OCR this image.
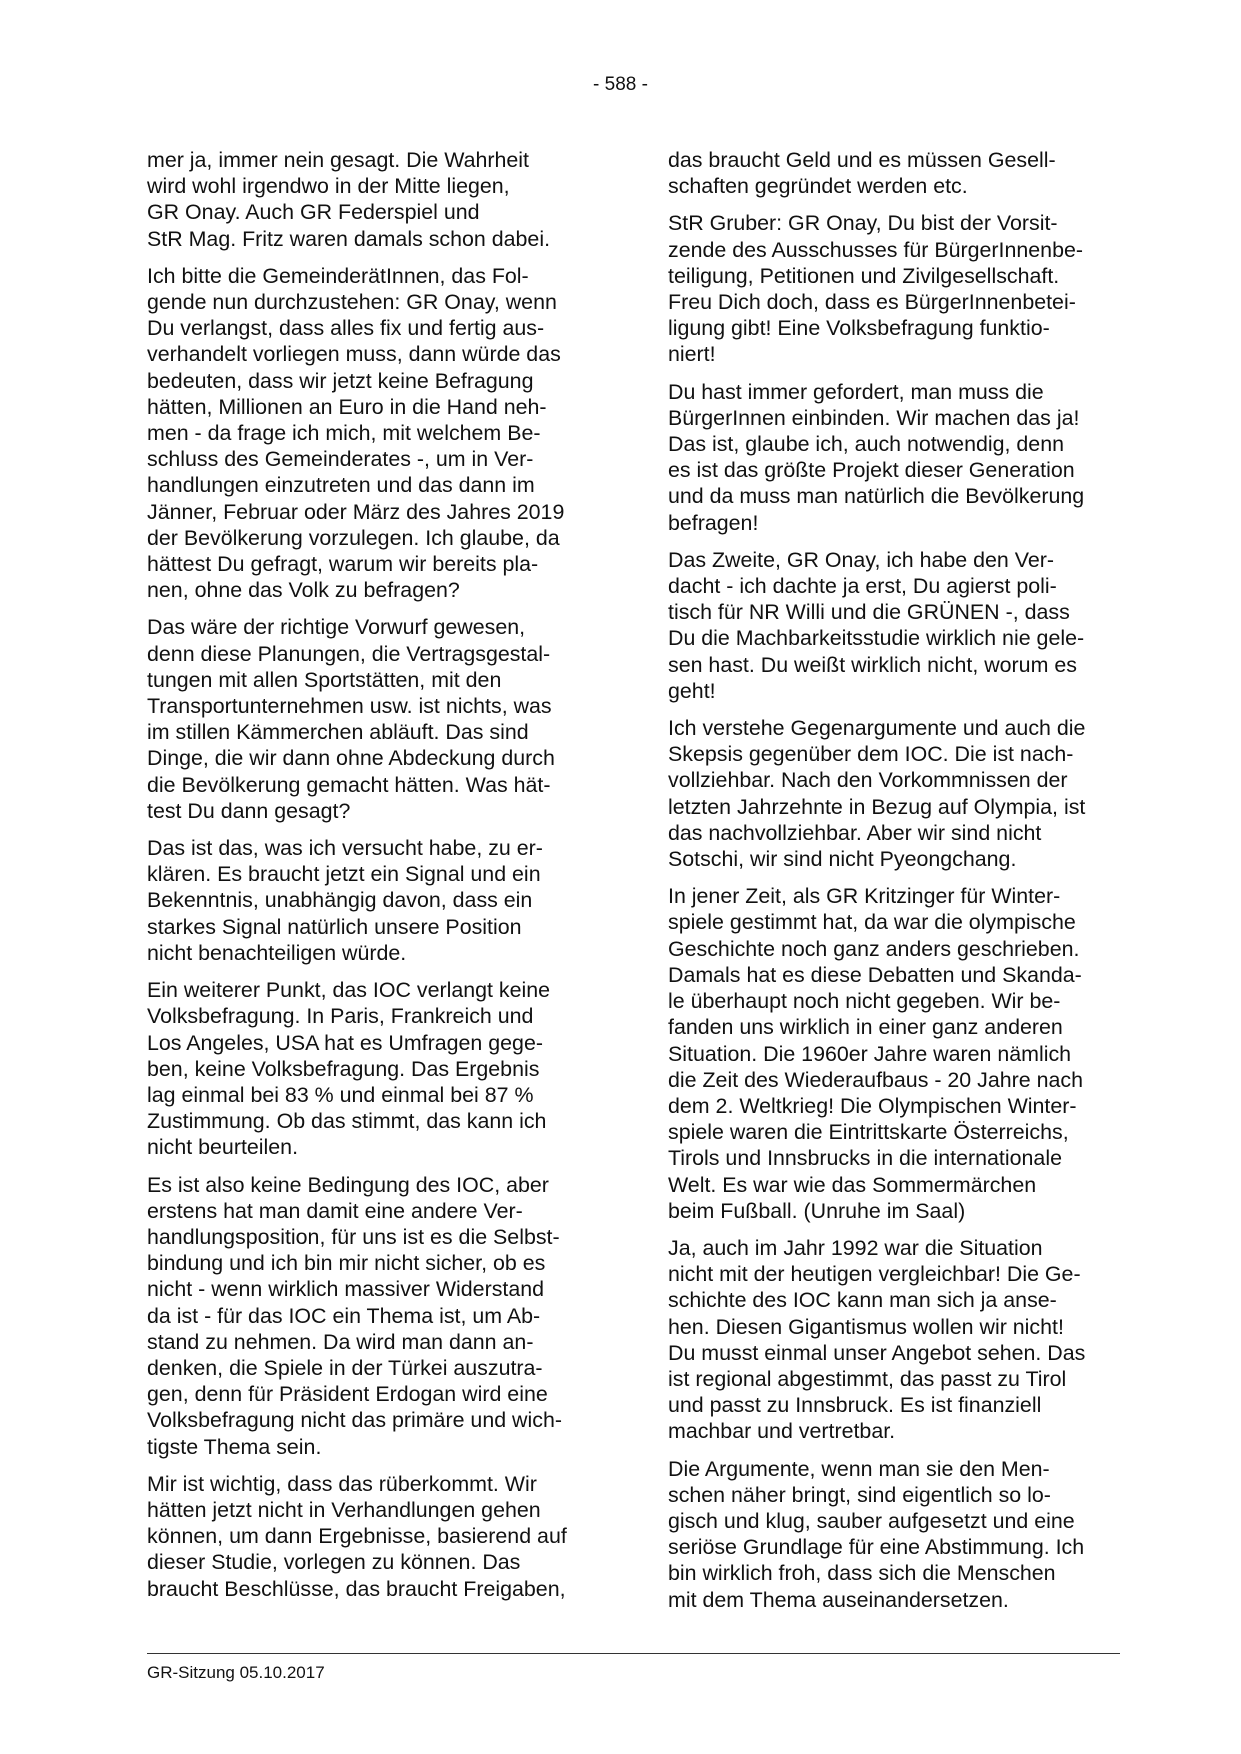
- 588 -

mer ja, immer nein gesagt. Die Wahrheit
wird wohl irgendwo in der Mitte liegen,
GR Onay. Auch GR Federspiel und
StR Mag. Fritz waren damals schon dabei.

Ich bitte die GemeinderätInnen, das Fol-
gende nun durchzustehen: GR Onay, wenn
Du verlangst, dass alles fix und fertig aus-
verhandelt vorliegen muss, dann würde das
bedeuten, dass wir jetzt keine Befragung
hätten, Millionen an Euro in die Hand neh-
men - da frage ich mich, mit welchem Be-
schluss des Gemeinderates -, um in Ver-
handlungen einzutreten und das dann im
Jänner, Februar oder März des Jahres 2019
der Bevölkerung vorzulegen. Ich glaube, da
hättest Du gefragt, warum wir bereits pla-
nen, ohne das Volk zu befragen?

Das wäre der richtige Vorwurf gewesen,
denn diese Planungen, die Vertragsgestal-
tungen mit allen Sportstätten, mit den
Transportunternehmen usw. ist nichts, was
im stillen Kämmerchen abläuft. Das sind
Dinge, die wir dann ohne Abdeckung durch
die Bevölkerung gemacht hätten. Was hät-
test Du dann gesagt?

Das ist das, was ich versucht habe, zu er-
klären. Es braucht jetzt ein Signal und ein
Bekenntnis, unabhängig davon, dass ein
starkes Signal natürlich unsere Position
nicht benachteiligen würde.

Ein weiterer Punkt, das IOC verlangt keine
Volksbefragung. In Paris, Frankreich und
Los Angeles, USA hat es Umfragen gege-
ben, keine Volksbefragung. Das Ergebnis
lag einmal bei 83 % und einmal bei 87 %
Zustimmung. Ob das stimmt, das kann ich
nicht beurteilen.

Es ist also keine Bedingung des IOC, aber
erstens hat man damit eine andere Ver-
handlungsposition, für uns ist es die Selbst-
bindung und ich bin mir nicht sicher, ob es
nicht - wenn wirklich massiver Widerstand
da ist - für das IOC ein Thema ist, um Ab-
stand zu nehmen. Da wird man dann an-
denken, die Spiele in der Türkei auszutra-
gen, denn für Präsident Erdogan wird eine
Volksbefragung nicht das primäre und wich-
tigste Thema sein.

Mir ist wichtig, dass das rüberkommt. Wir
hätten jetzt nicht in Verhandlungen gehen
können, um dann Ergebnisse, basierend auf
dieser Studie, vorlegen zu können. Das
braucht Beschlüsse, das braucht Freigaben,

das braucht Geld und es müssen Gesell-
schaften gegründet werden etc.

StR Gruber: GR Onay, Du bist der Vorsit-
zende des Ausschusses für BürgerInnenbe-
teiligung, Petitionen und Zivilgesellschaft.
Freu Dich doch, dass es BürgerInnenbetei-
ligung gibt! Eine Volksbefragung funktio-
niert!

Du hast immer gefordert, man muss die
BürgerInnen einbinden. Wir machen das ja!
Das ist, glaube ich, auch notwendig, denn
es ist das größte Projekt dieser Generation
und da muss man natürlich die Bevölkerung
befragen!

Das Zweite, GR Onay, ich habe den Ver-
dacht - ich dachte ja erst, Du agierst poli-
tisch für NR Willi und die GRÜNEN -, dass
Du die Machbarkeitsstudie wirklich nie gele-
sen hast. Du weißt wirklich nicht, worum es
geht!

Ich verstehe Gegenargumente und auch die
Skepsis gegenüber dem IOC. Die ist nach-
vollziehbar. Nach den Vorkommnissen der
letzten Jahrzehnte in Bezug auf Olympia, ist
das nachvollziehbar. Aber wir sind nicht
Sotschi, wir sind nicht Pyeongchang.

In jener Zeit, als GR Kritzinger für Winter-
spiele gestimmt hat, da war die olympische
Geschichte noch ganz anders geschrieben.
Damals hat es diese Debatten und Skanda-
le überhaupt noch nicht gegeben. Wir be-
fanden uns wirklich in einer ganz anderen
Situation. Die 1960er Jahre waren nämlich
die Zeit des Wiederaufbaus - 20 Jahre nach
dem 2. Weltkrieg! Die Olympischen Winter-
spiele waren die Eintrittskarte Österreichs,
Tirols und Innsbrucks in die internationale
Welt. Es war wie das Sommermärchen
beim Fußball. (Unruhe im Saal)

Ja, auch im Jahr 1992 war die Situation
nicht mit der heutigen vergleichbar! Die Ge-
schichte des IOC kann man sich ja anse-
hen. Diesen Gigantismus wollen wir nicht!
Du musst einmal unser Angebot sehen. Das
ist regional abgestimmt, das passt zu Tirol
und passt zu Innsbruck. Es ist finanziell
machbar und vertretbar.

Die Argumente, wenn man sie den Men-
schen näher bringt, sind eigentlich so lo-
gisch und klug, sauber aufgesetzt und eine
seriöse Grundlage für eine Abstimmung. Ich
bin wirklich froh, dass sich die Menschen
mit dem Thema auseinandersetzen.

GR-Sitzung 05.10.2017
